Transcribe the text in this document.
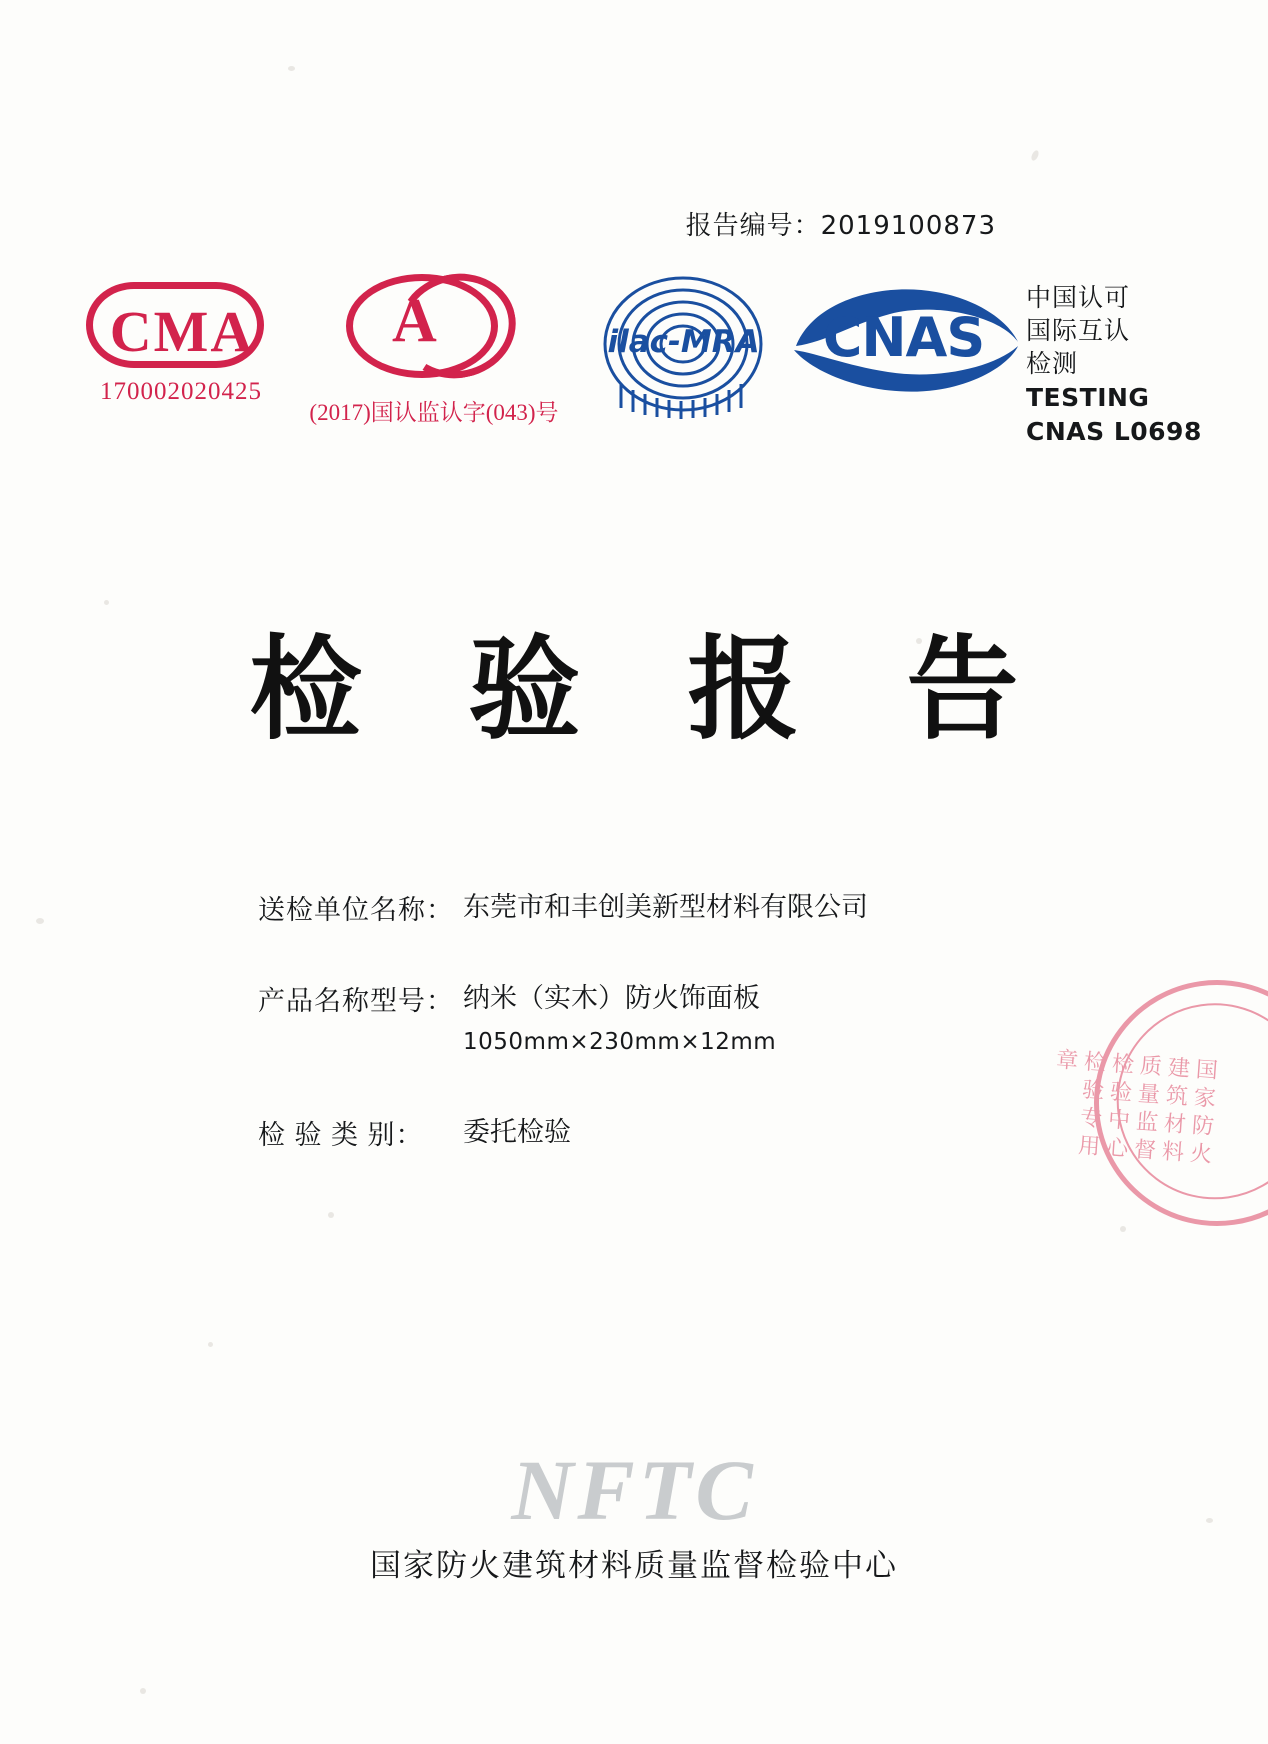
报告编号：2019100873
CMA
170002020425
A
(2017)国认监认字(043)号
ilac-MRA	CNAS
中国认可
国际互认
检测
TESTING
CNAS L0698
检 验 报 告
送检单位名称： 东莞市和丰创美新型材料有限公司
产品名称型号： 纳米（实木）防火饰面板
1050mm×230mm×12mm
检 验 类 别：	委托检验	国家防火建筑材料质量监督检验中心检验专用章
NFTC
国家防火建筑材料质量监督检验中心
